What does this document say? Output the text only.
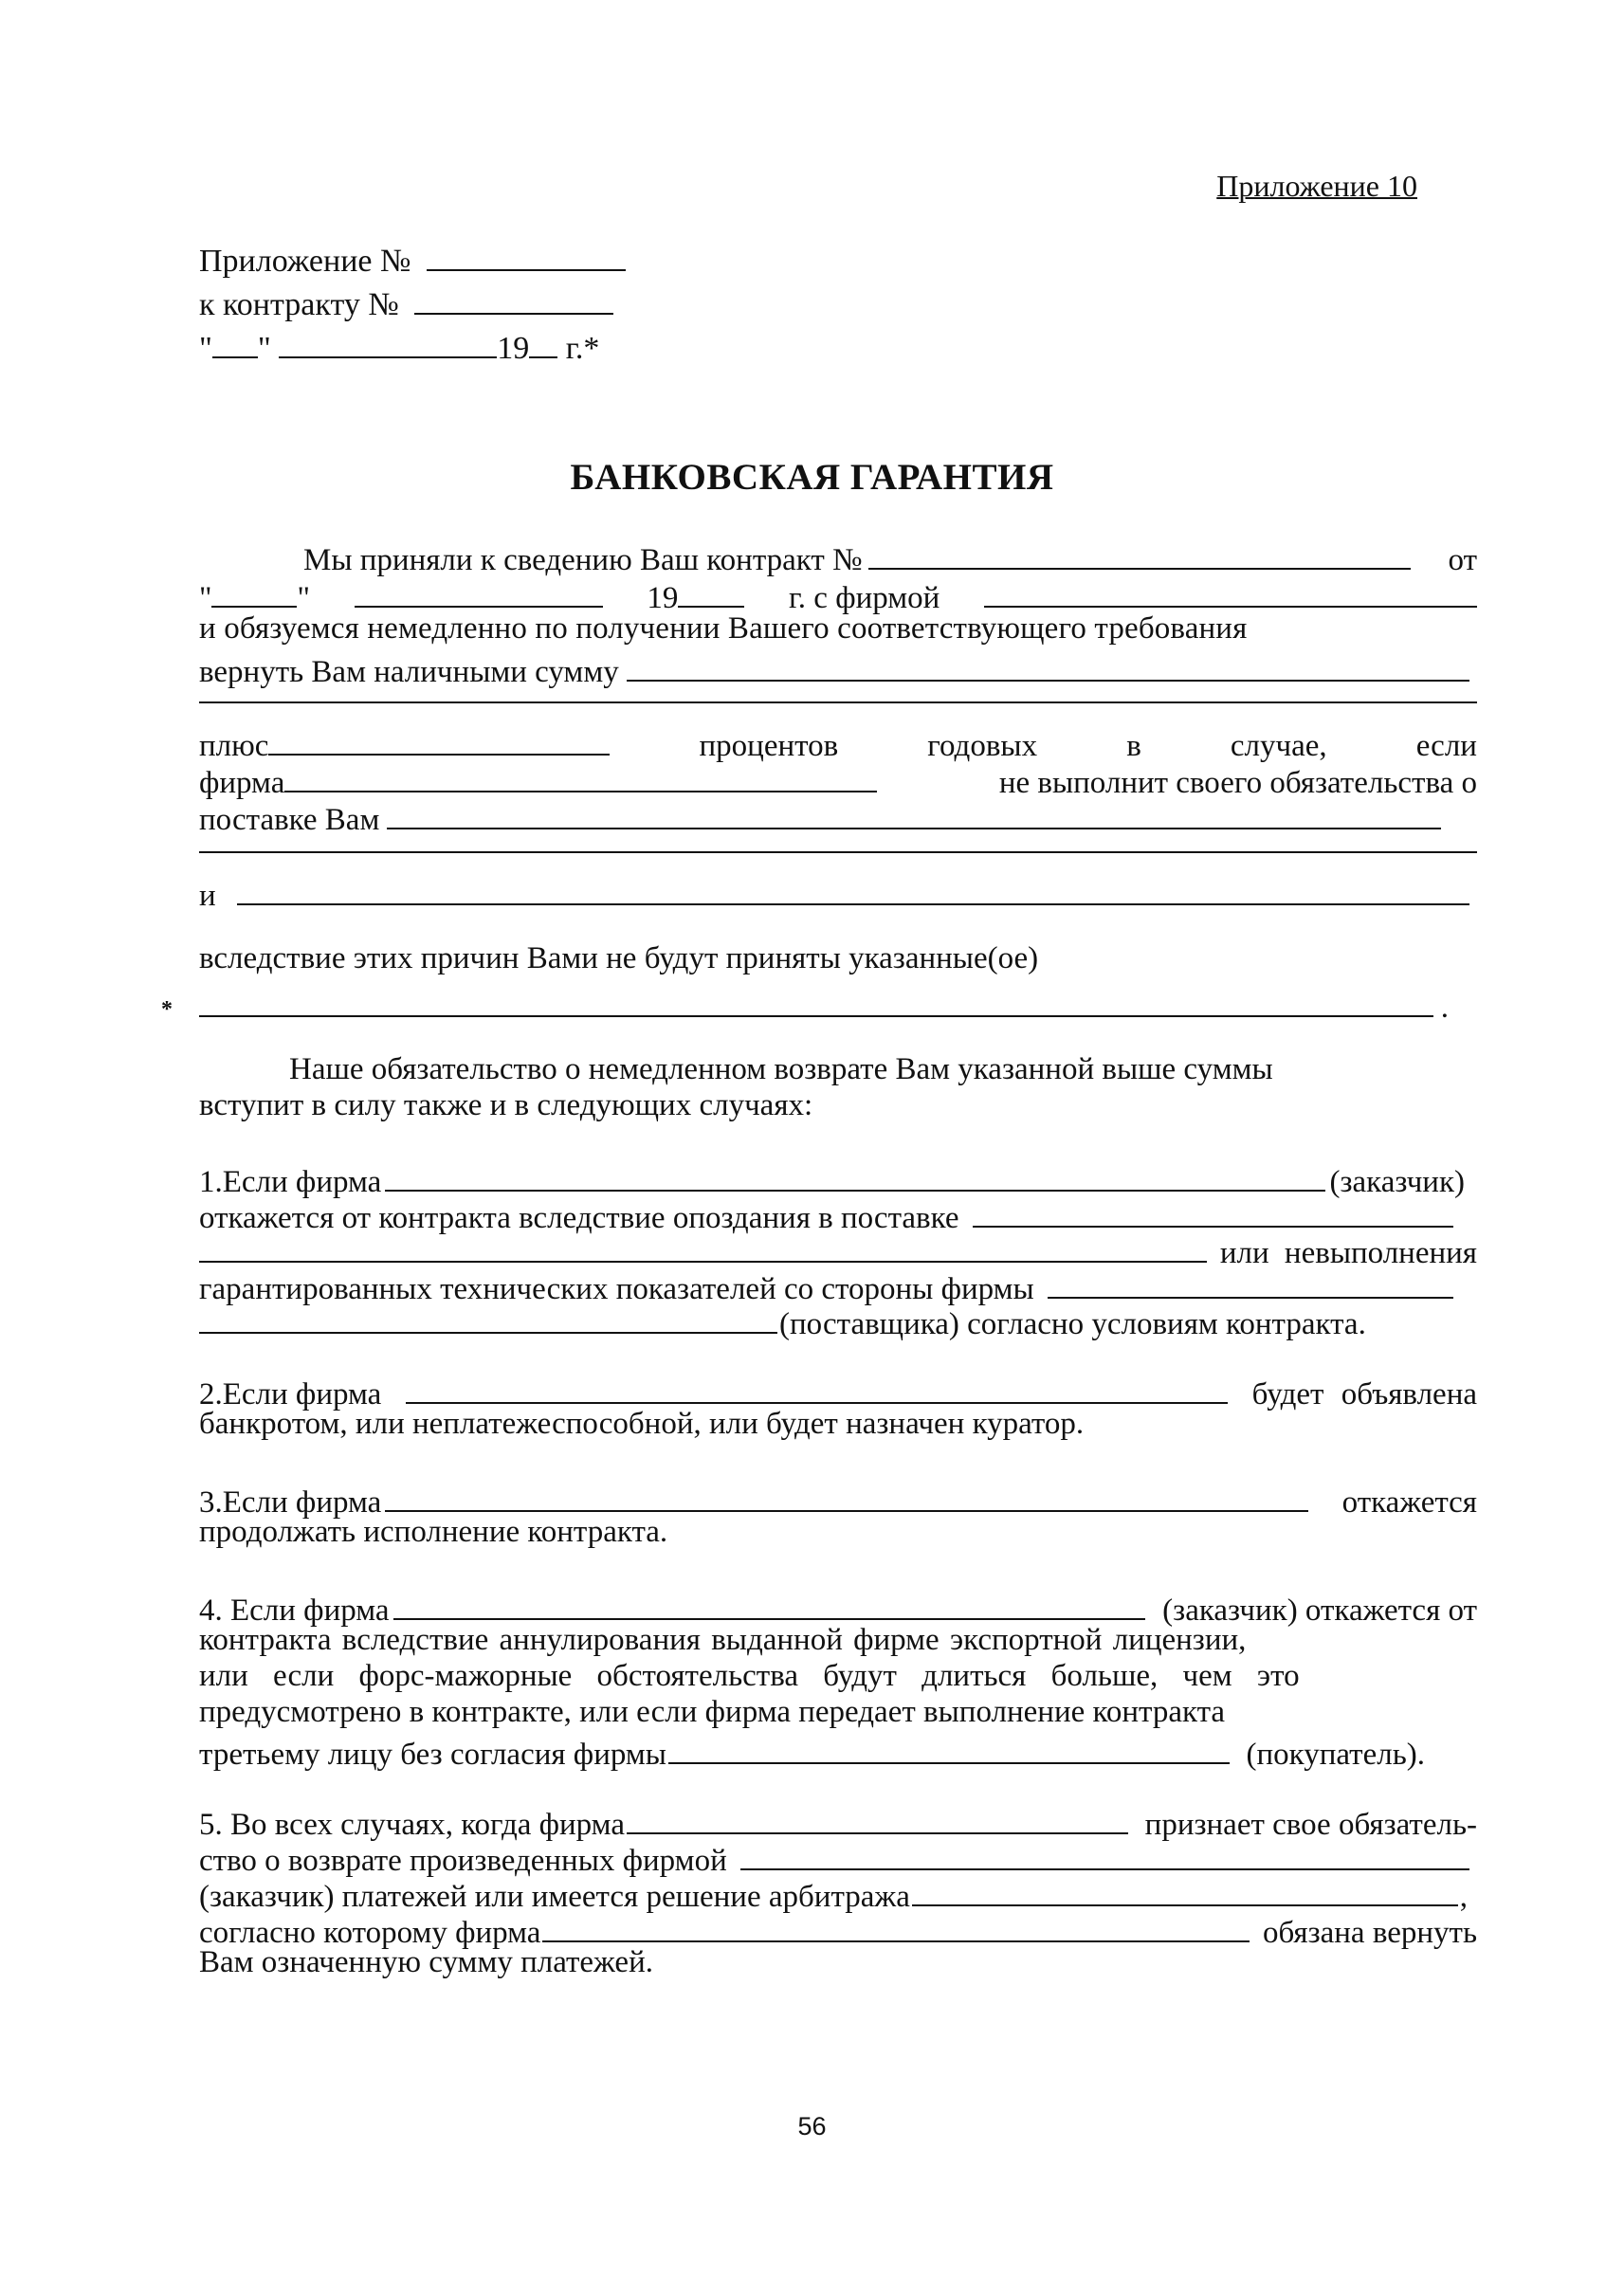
Приложение 10
Приложение №
к контракту №
" "	19 г.*
БАНКОВСКАЯ ГАРАНТИЯ
Мы приняли к сведению Ваш контракт №	от
"	"	19	г. с фирмой
и обязуемся немедленно по получении Вашего соответствующего требования
вернуть Вам наличными сумму
плюс	процентов	годовых	в	случае,	если
фирма	не выполнит своего обязательства о
поставке Вам
и
вследствие этих причин Вами не будут приняты указанные(ое)
*	.
Наше обязательство о немедленном возврате Вам указанной выше суммы
вступит в силу также и в следующих случаях:
1.Если фирма	(заказчик)
откажется от контракта вследствие опоздания в поставке
или невыполнения
гарантированных технических показателей со стороны фирмы
(поставщика) согласно условиям контракта.
2.Если фирма	будет объявлена
банкротом, или неплатежеспособной, или будет назначен куратор.
3.Если фирма	откажется
продолжать исполнение контракта.
4. Если фирма	(заказчик) откажется от
контракта вследствие аннулирования выданной фирме экспортной лицензии,
или если форс-мажорные обстоятельства будут длиться больше, чем это
предусмотрено в контракте, или если фирма передает выполнение контракта
третьему лицу без согласия фирмы	(покупатель).
5. Во всех случаях, когда фирма	признает свое обязатель-
ство о возврате произведенных фирмой
(заказчик) платежей или имеется решение арбитража	,
согласно которому фирма	обязана вернуть
Вам означенную сумму платежей.
56
